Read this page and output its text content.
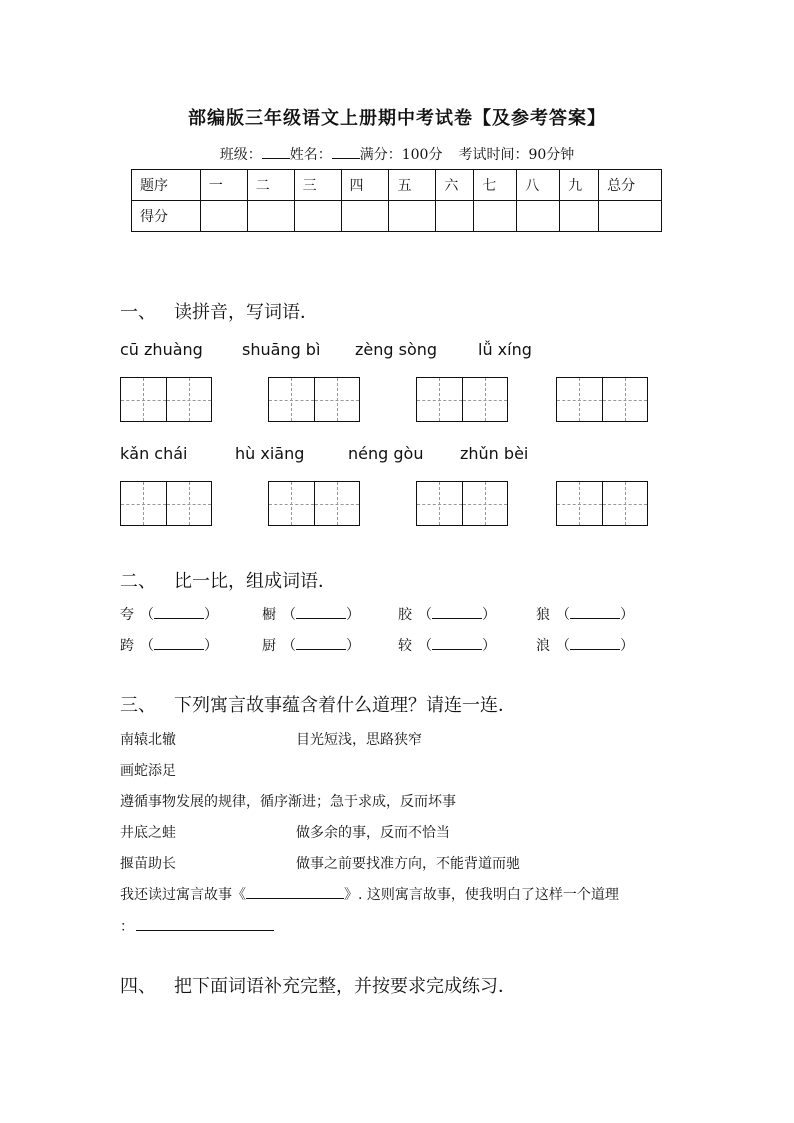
部编版三年级语文上册期中考试卷【及参考答案】
班级： 姓名： 满分：100分 考试时间：90分钟
题序	一	二	三	四	五	六	七	八	九	总分
得分										
一、 读拼音，写词语．
cū zhuàng shuāng bì zèng sòng	lǚ xíng
kǎn chái	hù xiāng	néng gòu zhǔn bèi
二、 比一比，组成词语．
夸 （	）	橱 （	）	胶 （	）	狼 （	）
跨 （	）	厨 （	）	较 （	）	浪 （	）
三、 下列寓言故事蕴含着什么道理？请连一连．
南辕北辙	目光短浅，思路狭窄
画蛇添足
遵循事物发展的规律，循序渐进；急于求成，反而坏事
井底之蛙	做多余的事，反而不恰当
揠苗助长	做事之前要找准方向，不能背道而驰
我还读过寓言故事《	》. 这则寓言故事，使我明白了这样一个道理
：
四、 把下面词语补充完整，并按要求完成练习．
